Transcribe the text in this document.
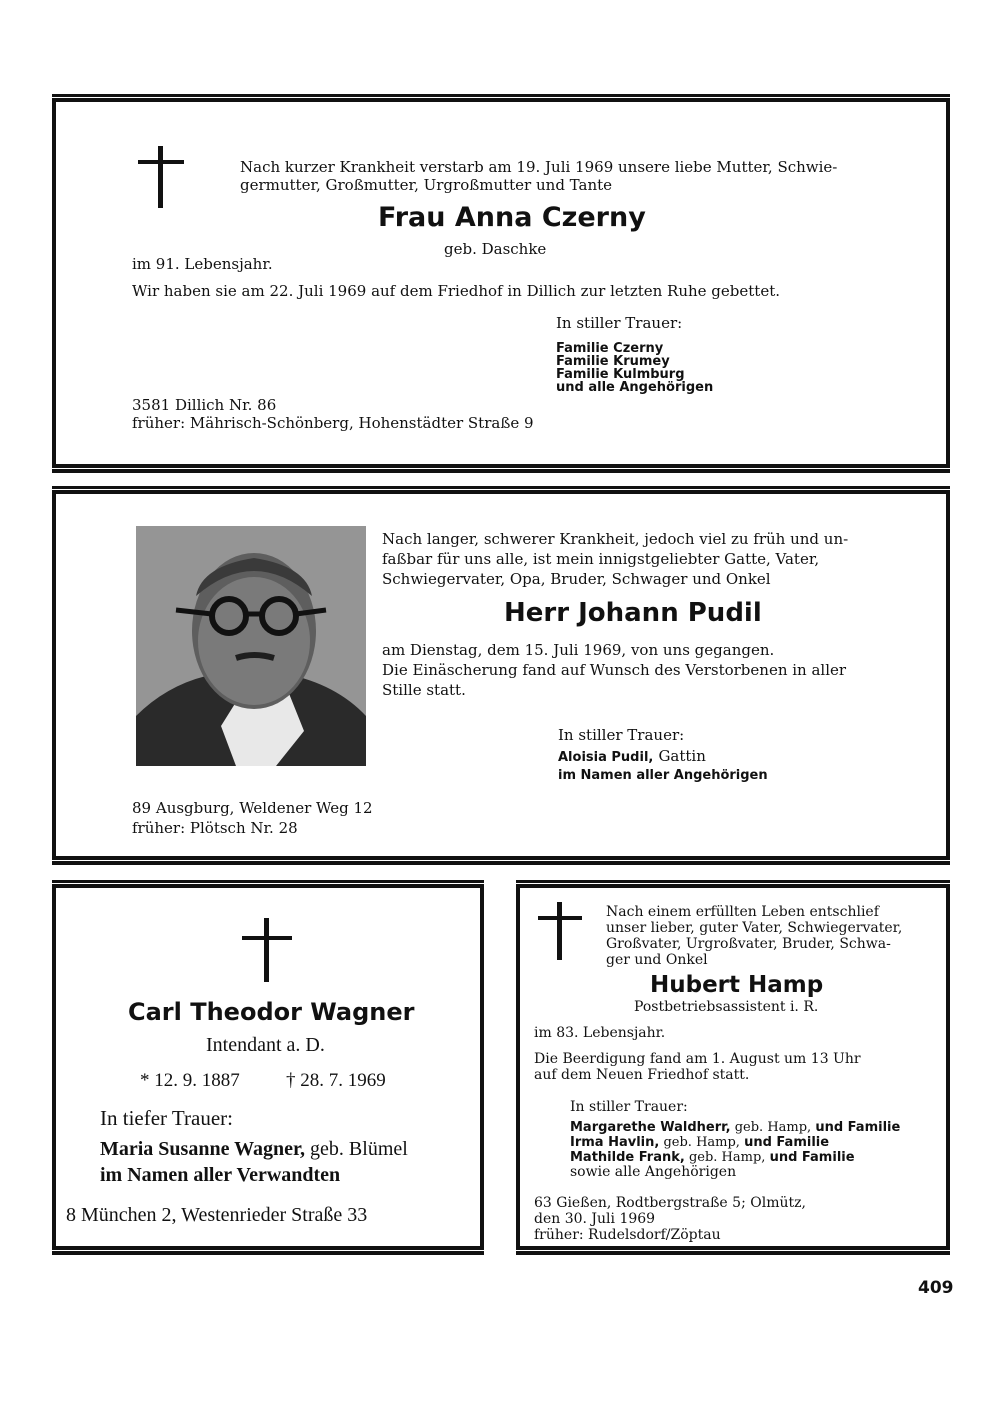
Nach kurzer Krankheit verstarb am 19. Juli 1969 unsere liebe Mutter, Schwie-
germutter, Großmutter, Urgroßmutter und Tante
Frau Anna Czerny
geb. Daschke
im 91. Lebensjahr.
Wir haben sie am 22. Juli 1969 auf dem Friedhof in Dillich zur letzten Ruhe gebettet.
In stiller Trauer:
Familie Czerny
Familie Krumey
Familie Kulmburg
und alle Angehörigen
3581 Dillich Nr. 86
früher: Mährisch-Schönberg, Hohenstädter Straße 9
Nach langer, schwerer Krankheit, jedoch viel zu früh und un-
faßbar für uns alle, ist mein innigstgeliebter Gatte, Vater,
Schwiegervater, Opa, Bruder, Schwager und Onkel
Herr Johann Pudil
am Dienstag, dem 15. Juli 1969, von uns gegangen.
Die Einäscherung fand auf Wunsch des Verstorbenen in aller
Stille statt.
In stiller Trauer:
Aloisia Pudil, Gattin
im Namen aller Angehörigen
89 Ausgburg, Weldener Weg 12
früher: Plötsch Nr. 28
Carl Theodor Wagner
Intendant a. D.
* 12. 9. 1887 † 28. 7. 1969
In tiefer Trauer:
Maria Susanne Wagner, geb. Blümel
im Namen aller Verwandten
8 München 2, Westenrieder Straße 33
Nach einem erfüllten Leben entschlief
unser lieber, guter Vater, Schwiegervater,
Großvater, Urgroßvater, Bruder, Schwa-
ger und Onkel
Hubert Hamp
Postbetriebsassistent i. R.
im 83. Lebensjahr.
Die Beerdigung fand am 1. August um 13 Uhr
auf dem Neuen Friedhof statt.
In stiller Trauer:
Margarethe Waldherr, geb. Hamp, und Familie
Irma Havlin, geb. Hamp, und Familie
Mathilde Frank, geb. Hamp, und Familie
sowie alle Angehörigen
63 Gießen, Rodtbergstraße 5; Olmütz,
den 30. Juli 1969
früher: Rudelsdorf/Zöptau
409
